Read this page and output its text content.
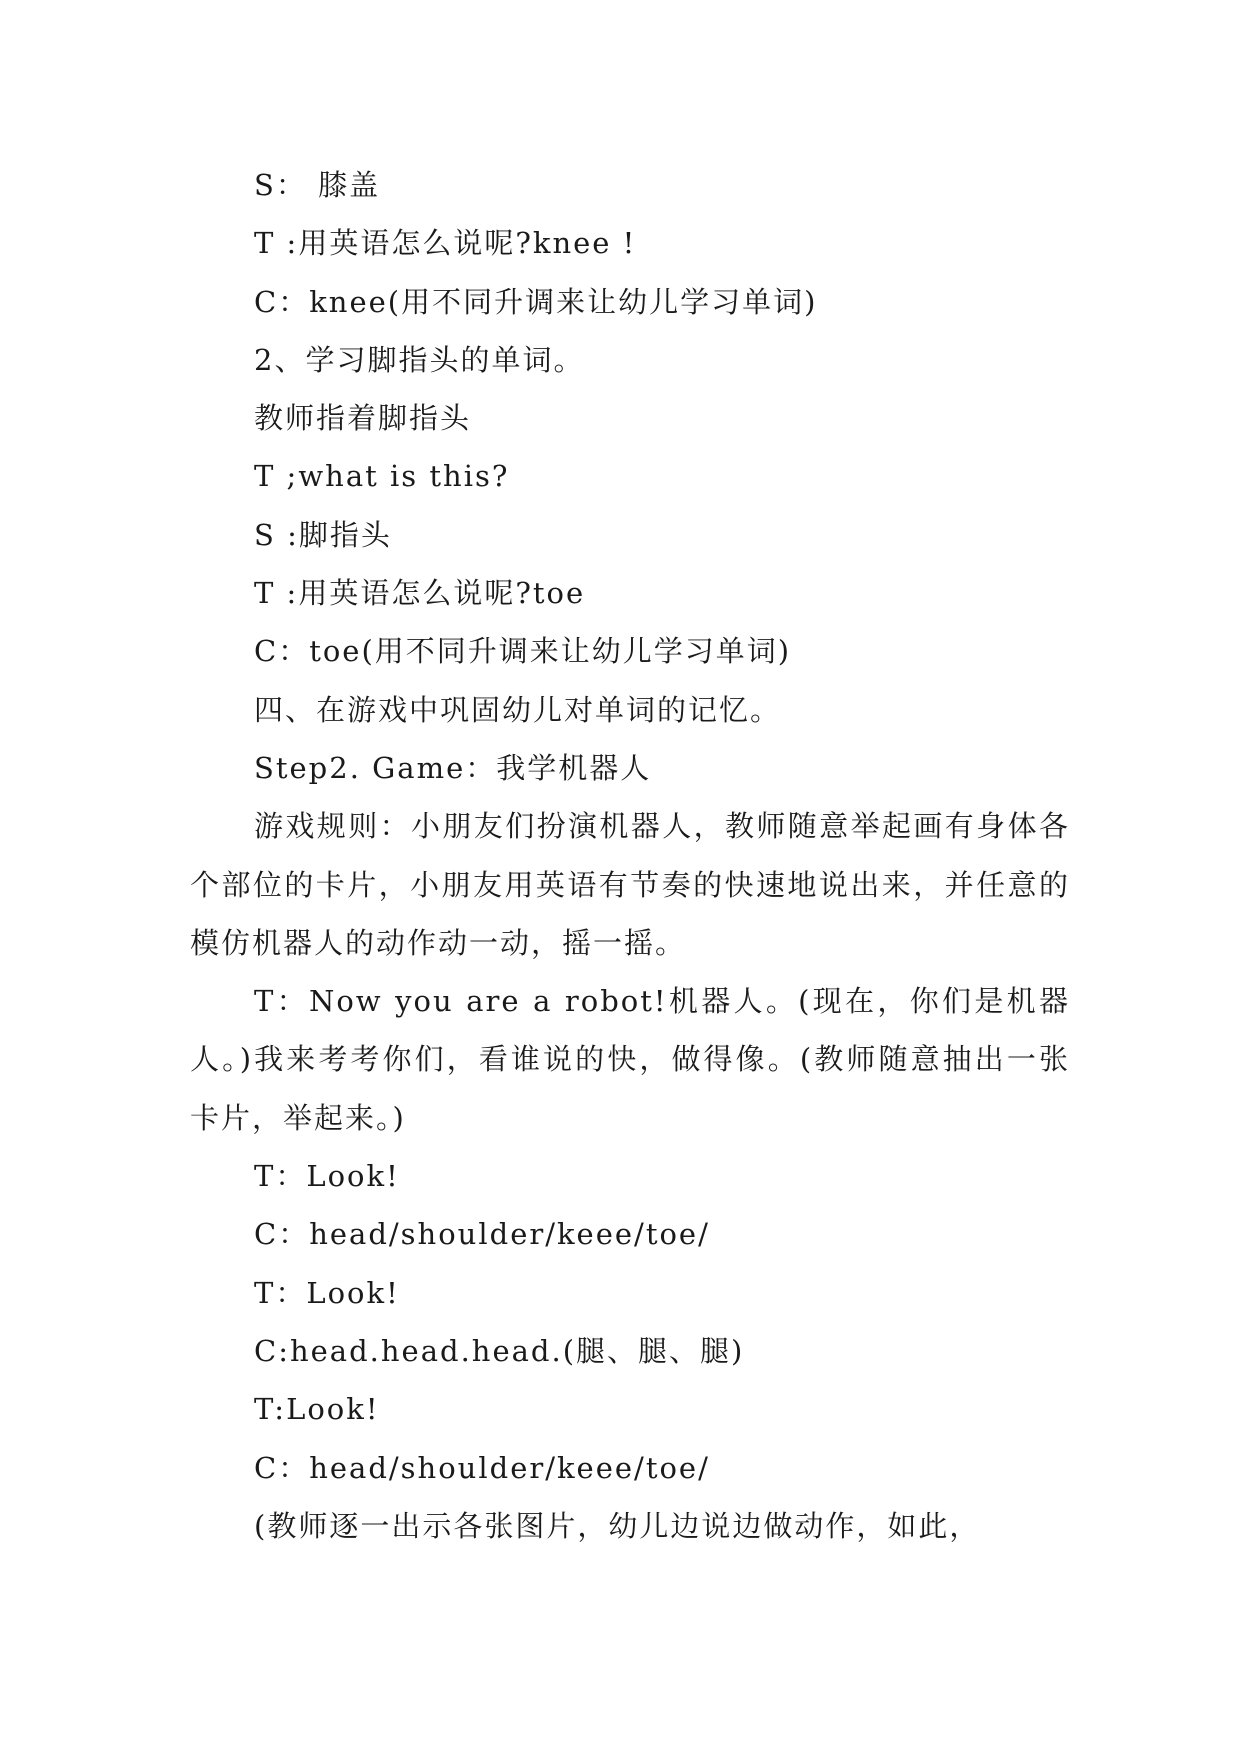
S： 膝盖
T :用英语怎么说呢?knee !
C：knee(用不同升调来让幼儿学习单词)
2、学习脚指头的单词。
教师指着脚指头
T ;what is this?
S :脚指头
T :用英语怎么说呢?toe
C：toe(用不同升调来让幼儿学习单词)
四、在游戏中巩固幼儿对单词的记忆。
Step2. Game：我学机器人

游戏规则：小朋友们扮演机器人，教师随意举起画有身体各个部位的卡片，小朋友用英语有节奏的快速地说出来，并任意的模仿机器人的动作动一动，摇一摇。

T：Now you are a robot!机器人。(现在，你们是机器人。)我来考考你们，看谁说的快，做得像。(教师随意抽出一张卡片，举起来。)

T：Look!
C：head/shoulder/keee/toe/
T：Look!
C:head.head.head.(腿、腿、腿)
T:Look!
C：head/shoulder/keee/toe/
(教师逐一出示各张图片，幼儿边说边做动作，如此，
